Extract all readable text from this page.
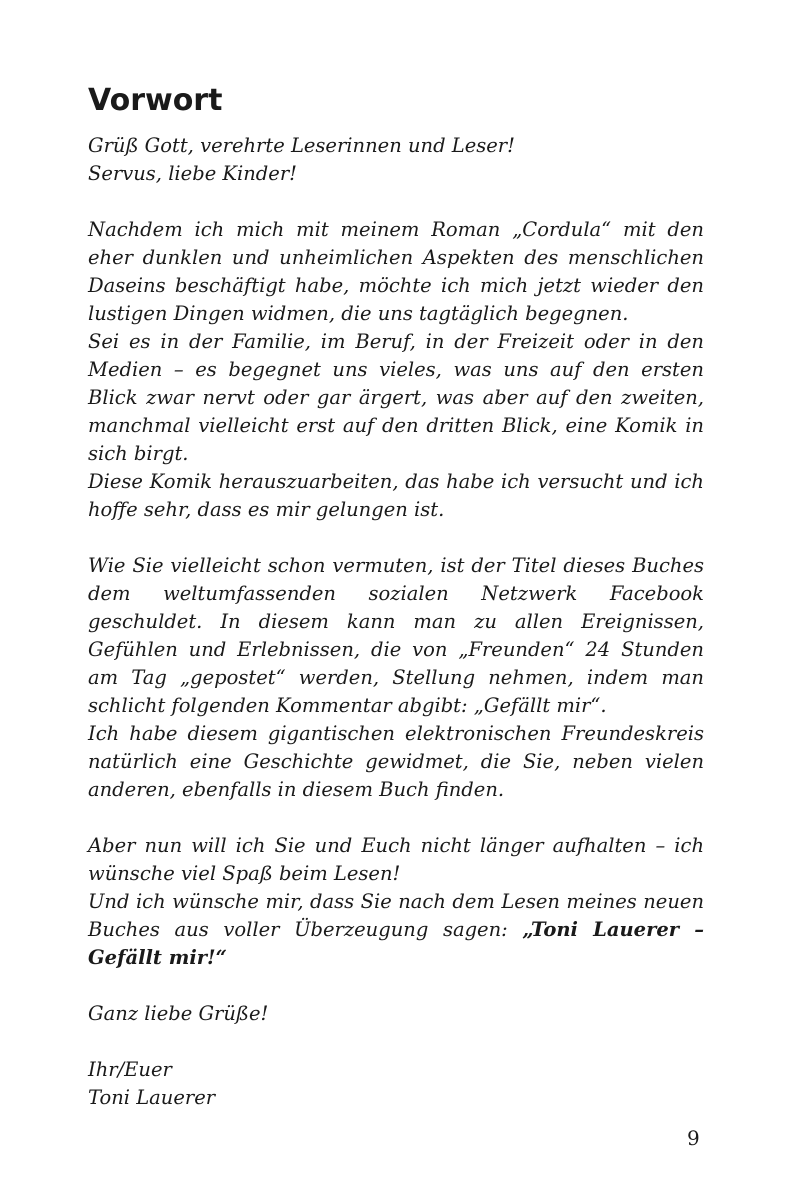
Vorwort
Grüß Gott, verehrte Leserinnen und Leser!
Servus, liebe Kinder!
Nachdem ich mich mit meinem Roman „Cordula“ mit den eher dunklen und unheimlichen Aspekten des menschlichen Daseins beschäftigt habe, möchte ich mich jetzt wieder den lustigen Dingen widmen, die uns tagtäglich begegnen.
Sei es in der Familie, im Beruf, in der Freizeit oder in den Medien – es begegnet uns vieles, was uns auf den ersten Blick zwar nervt oder gar ärgert, was aber auf den zweiten, manchmal vielleicht erst auf den dritten Blick, eine Komik in sich birgt.
Diese Komik herauszuarbeiten, das habe ich versucht und ich hoffe sehr, dass es mir gelungen ist.
Wie Sie vielleicht schon vermuten, ist der Titel dieses Buches dem weltumfassenden sozialen Netzwerk Facebook geschuldet. In diesem kann man zu allen Ereignissen, Gefühlen und Erlebnissen, die von „Freunden“ 24 Stunden am Tag „gepostet“ werden, Stellung nehmen, indem man schlicht folgenden Kommentar abgibt: „Gefällt mir“.
Ich habe diesem gigantischen elektronischen Freundeskreis natürlich eine Geschichte gewidmet, die Sie, neben vielen anderen, ebenfalls in diesem Buch finden.
Aber nun will ich Sie und Euch nicht länger aufhalten – ich wünsche viel Spaß beim Lesen!
Und ich wünsche mir, dass Sie nach dem Lesen meines neuen Buches aus voller Überzeugung sagen: „Toni Lauerer – Gefällt mir!“
Ganz liebe Grüße!
Ihr/Euer
Toni Lauerer
9
